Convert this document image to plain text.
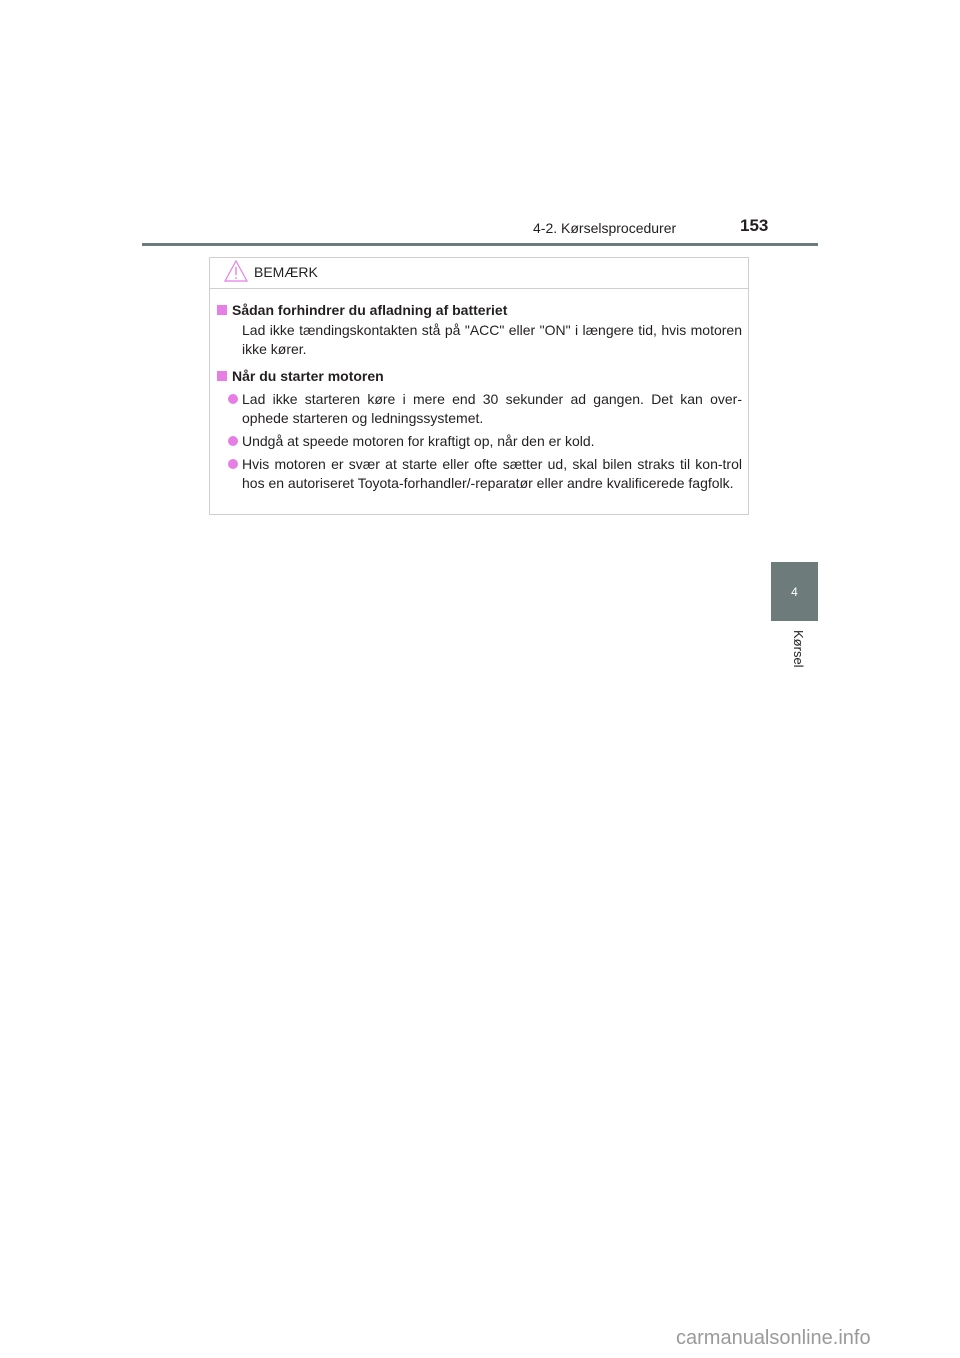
4-2. Kørselsprocedurer	153
4
Kørsel
BEMÆRK
Sådan forhindrer du afladning af batteriet
Lad ikke tændingskontakten stå på "ACC" eller "ON" i længere tid, hvis motoren ikke kører.
Når du starter motoren
Lad ikke starteren køre i mere end 30 sekunder ad gangen. Det kan over-ophede starteren og ledningssystemet.
Undgå at speede motoren for kraftigt op, når den er kold.
Hvis motoren er svær at starte eller ofte sætter ud, skal bilen straks til kon-trol hos en autoriseret Toyota-forhandler/-reparatør eller andre kvalificerede fagfolk.
carmanualsonline.info
